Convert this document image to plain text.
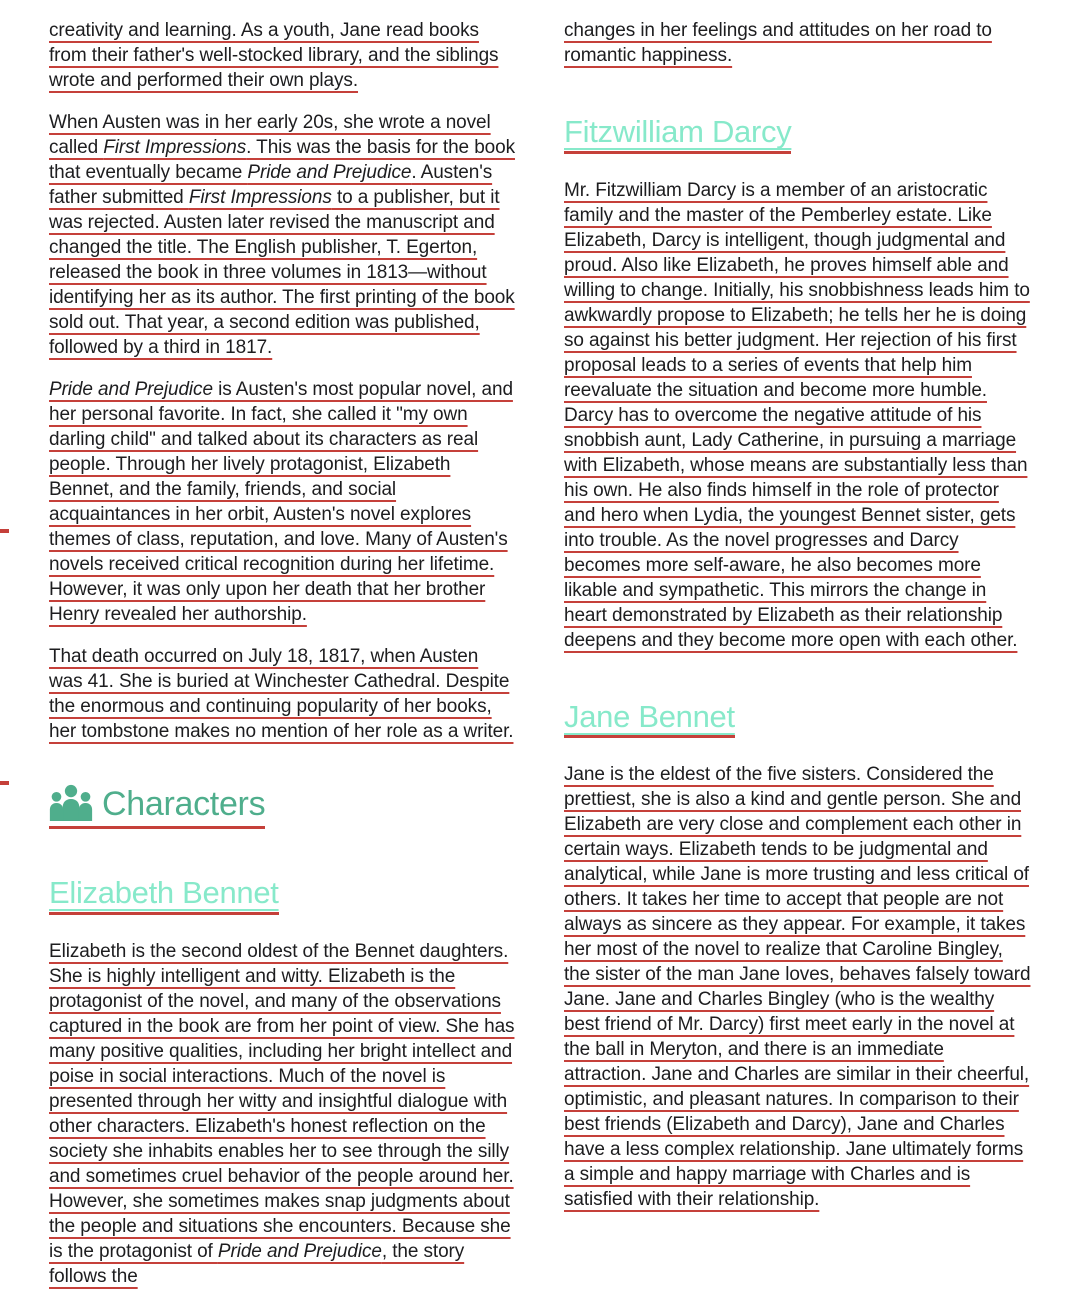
creativity and learning. As a youth, Jane read books from their father's well-stocked library, and the siblings wrote and performed their own plays.

When Austen was in her early 20s, she wrote a novel called First Impressions. This was the basis for the book that eventually became Pride and Prejudice. Austen's father submitted First Impressions to a publisher, but it was rejected. Austen later revised the manuscript and changed the title. The English publisher, T. Egerton, released the book in three volumes in 1813—without identifying her as its author. The first printing of the book sold out. That year, a second edition was published, followed by a third in 1817.

Pride and Prejudice is Austen's most popular novel, and her personal favorite. In fact, she called it "my own darling child" and talked about its characters as real people. Through her lively protagonist, Elizabeth Bennet, and the family, friends, and social acquaintances in her orbit, Austen's novel explores themes of class, reputation, and love. Many of Austen's novels received critical recognition during her lifetime. However, it was only upon her death that her brother Henry revealed her authorship.

That death occurred on July 18, 1817, when Austen was 41. She is buried at Winchester Cathedral. Despite the enormous and continuing popularity of her books, her tombstone makes no mention of her role as a writer.

Characters
Elizabeth Bennet

Elizabeth is the second oldest of the Bennet daughters. She is highly intelligent and witty. Elizabeth is the protagonist of the novel, and many of the observations captured in the book are from her point of view. She has many positive qualities, including her bright intellect and poise in social interactions. Much of the novel is presented through her witty and insightful dialogue with other characters. Elizabeth's honest reflection on the society she inhabits enables her to see through the silly and sometimes cruel behavior of the people around her. However, she sometimes makes snap judgments about the people and situations she encounters. Because she is the protagonist of Pride and Prejudice, the story follows the

changes in her feelings and attitudes on her road to romantic happiness.

Fitzwilliam Darcy

Mr. Fitzwilliam Darcy is a member of an aristocratic family and the master of the Pemberley estate. Like Elizabeth, Darcy is intelligent, though judgmental and proud. Also like Elizabeth, he proves himself able and willing to change. Initially, his snobbishness leads him to awkwardly propose to Elizabeth; he tells her he is doing so against his better judgment. Her rejection of his first proposal leads to a series of events that help him reevaluate the situation and become more humble. Darcy has to overcome the negative attitude of his snobbish aunt, Lady Catherine, in pursuing a marriage with Elizabeth, whose means are substantially less than his own. He also finds himself in the role of protector and hero when Lydia, the youngest Bennet sister, gets into trouble. As the novel progresses and Darcy becomes more self-aware, he also becomes more likable and sympathetic. This mirrors the change in heart demonstrated by Elizabeth as their relationship deepens and they become more open with each other.

Jane Bennet

Jane is the eldest of the five sisters. Considered the prettiest, she is also a kind and gentle person. She and Elizabeth are very close and complement each other in certain ways. Elizabeth tends to be judgmental and analytical, while Jane is more trusting and less critical of others. It takes her time to accept that people are not always as sincere as they appear. For example, it takes her most of the novel to realize that Caroline Bingley, the sister of the man Jane loves, behaves falsely toward Jane. Jane and Charles Bingley (who is the wealthy best friend of Mr. Darcy) first meet early in the novel at the ball in Meryton, and there is an immediate attraction. Jane and Charles are similar in their cheerful, optimistic, and pleasant natures. In comparison to their best friends (Elizabeth and Darcy), Jane and Charles have a less complex relationship. Jane ultimately forms a simple and happy marriage with Charles and is satisfied with their relationship.
